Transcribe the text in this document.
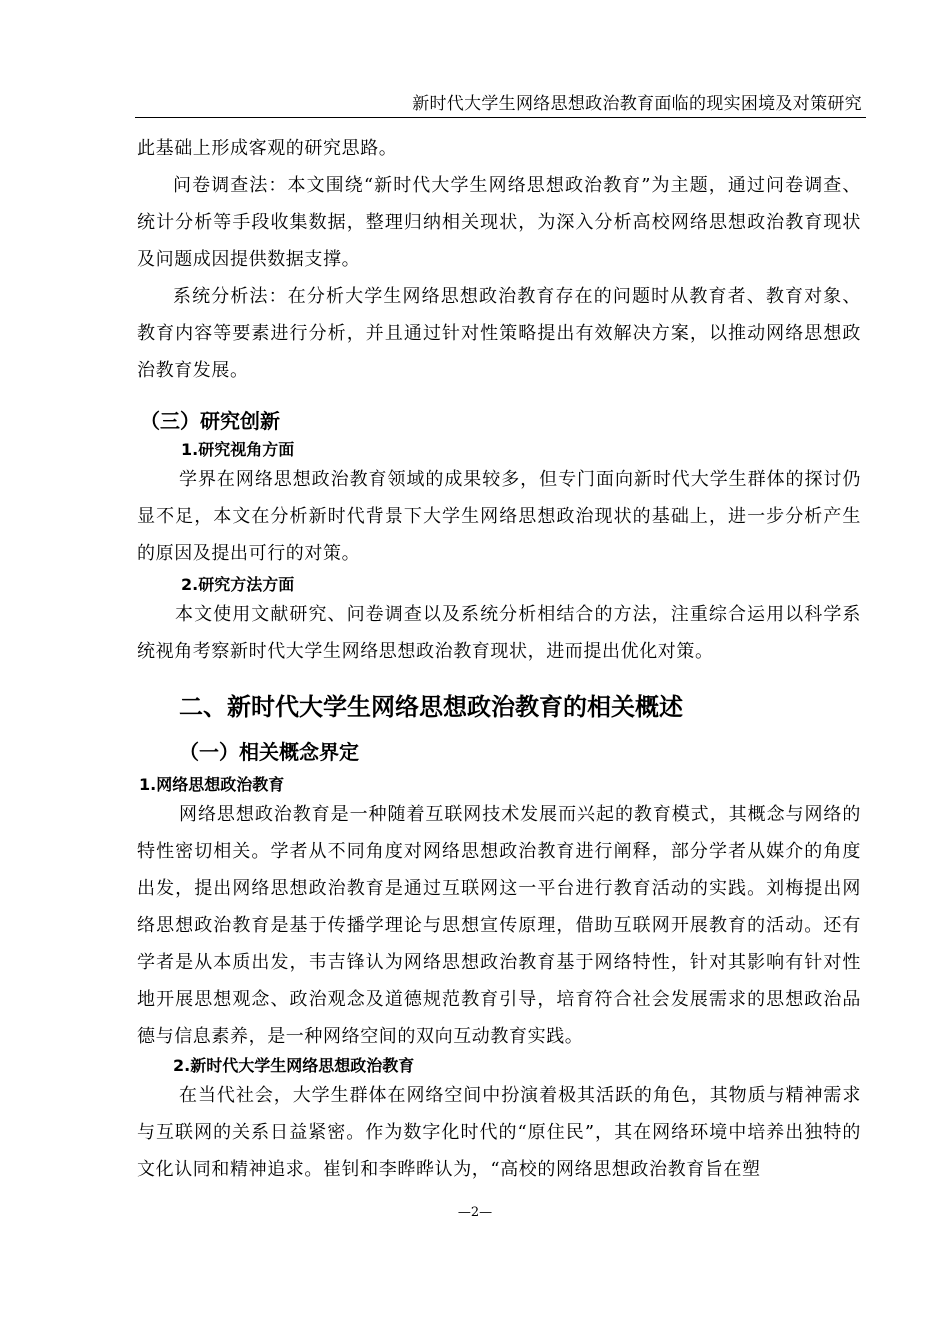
新时代大学生网络思想政治教育面临的现实困境及对策研究

此基础上形成客观的研究思路。

问卷调查法：本文围绕“新时代大学生网络思想政治教育”为主题，通过问卷调查、统计分析等手段收集数据，整理归纳相关现状，为深入分析高校网络思想政治教育现状及问题成因提供数据支撑。

系统分析法：在分析大学生网络思想政治教育存在的问题时从教育者、教育对象、教育内容等要素进行分析，并且通过针对性策略提出有效解决方案，以推动网络思想政治教育发展。

（三）研究创新
1.研究视角方面

学界在网络思想政治教育领域的成果较多，但专门面向新时代大学生群体的探讨仍显不足，本文在分析新时代背景下大学生网络思想政治现状的基础上，进一步分析产生的原因及提出可行的对策。

2.研究方法方面

本文使用文献研究、问卷调查以及系统分析相结合的方法，注重综合运用以科学系统视角考察新时代大学生网络思想政治教育现状，进而提出优化对策。

二、新时代大学生网络思想政治教育的相关概述
（一）相关概念界定
1.网络思想政治教育

网络思想政治教育是一种随着互联网技术发展而兴起的教育模式，其概念与网络的特性密切相关。学者从不同角度对网络思想政治教育进行阐释，部分学者从媒介的角度出发，提出网络思想政治教育是通过互联网这一平台进行教育活动的实践。刘梅提出网络思想政治教育是基于传播学理论与思想宣传原理，借助互联网开展教育的活动。还有学者是从本质出发，韦吉锋认为网络思想政治教育基于网络特性，针对其影响有针对性地开展思想观念、政治观念及道德规范教育引导，培育符合社会发展需求的思想政治品德与信息素养，是一种网络空间的双向互动教育实践。

2.新时代大学生网络思想政治教育

在当代社会，大学生群体在网络空间中扮演着极其活跃的角色，其物质与精神需求与互联网的关系日益紧密。作为数字化时代的“原住民”，其在网络环境中培养出独特的文化认同和精神追求。崔钊和李晔晔认为，“高校的网络思想政治教育旨在塑

—2—
